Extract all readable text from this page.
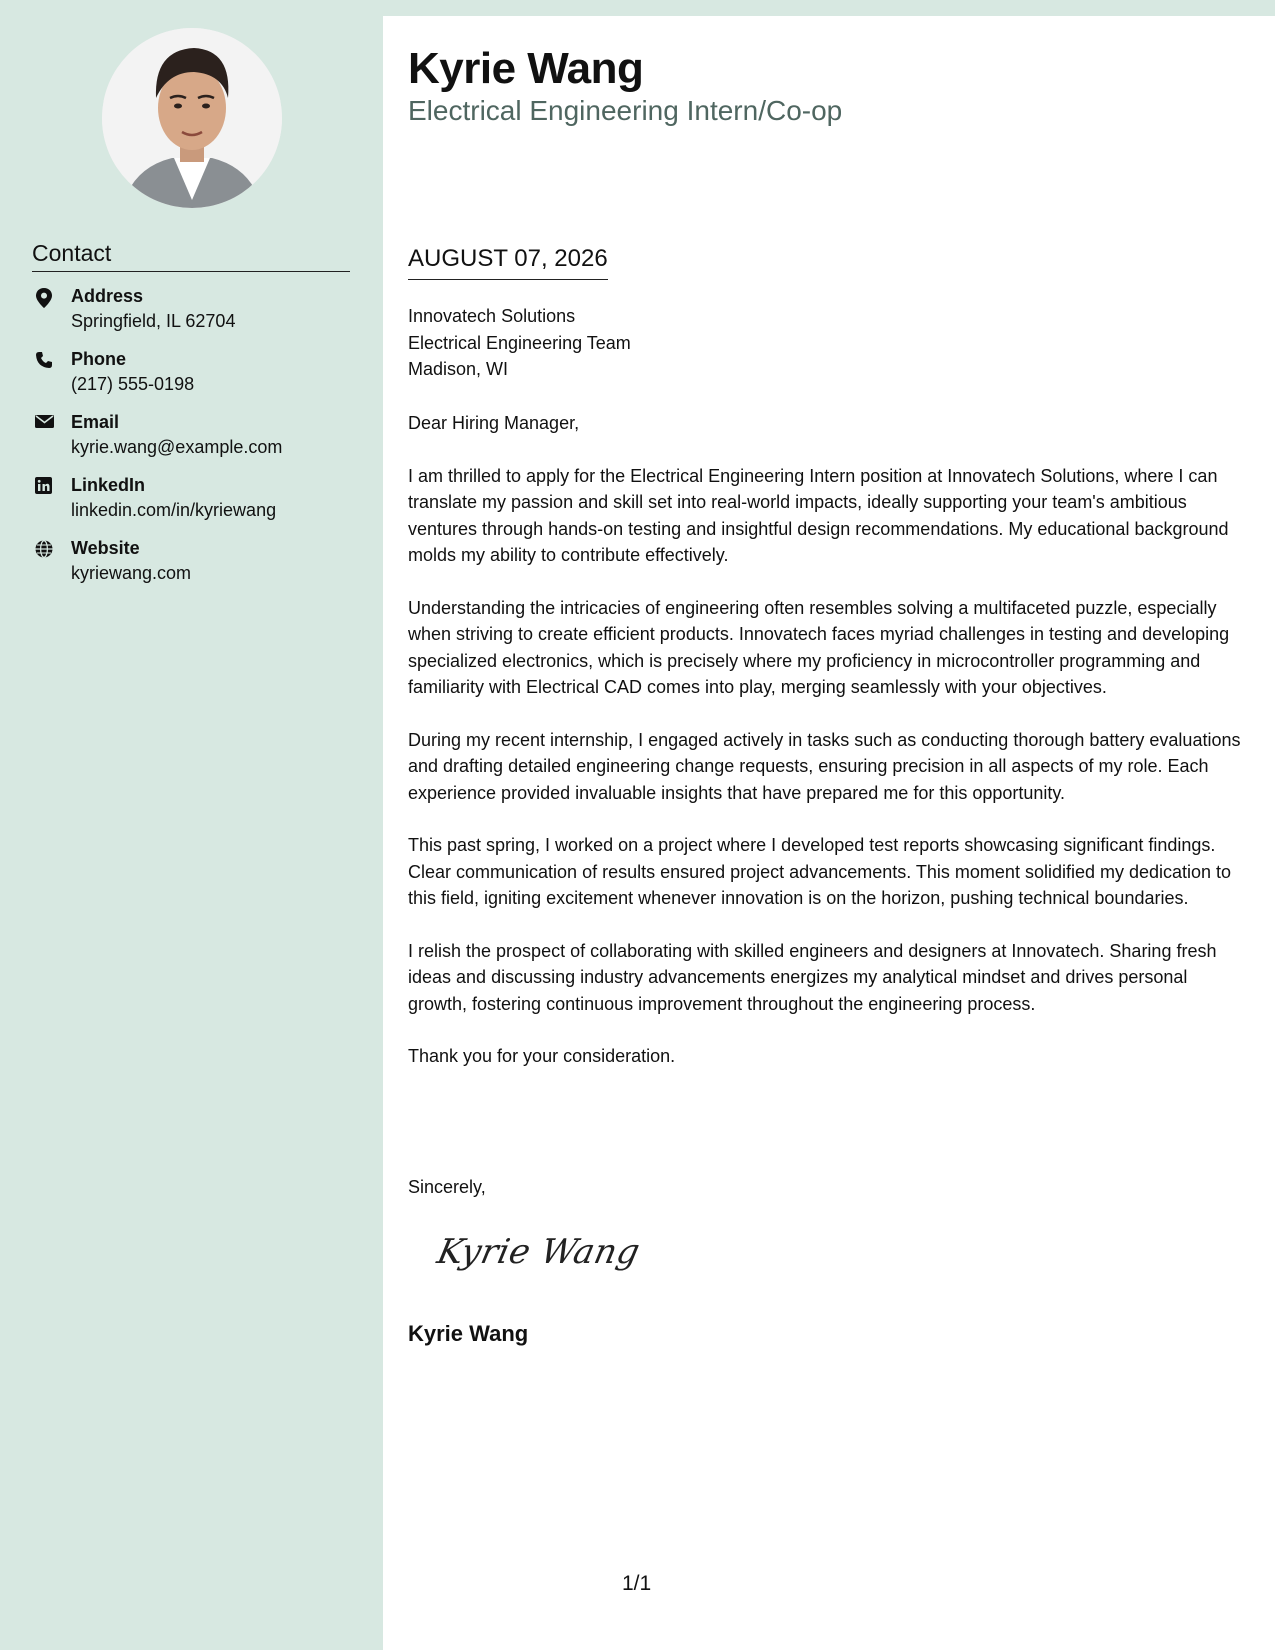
Contact
Address
Springfield, IL 62704
Phone
(217) 555-0198
Email
kyrie.wang@example.com
LinkedIn
linkedin.com/in/kyriewang
Website
kyriewang.com
Kyrie Wang
Electrical Engineering Intern/Co-op
AUGUST 07, 2026
Innovatech Solutions
Electrical Engineering Team
Madison, WI

Dear Hiring Manager,

I am thrilled to apply for the Electrical Engineering Intern position at Innovatech Solutions, where I can translate my passion and skill set into real-world impacts, ideally supporting your team's ambitious ventures through hands-on testing and insightful design recommendations. My educational background molds my ability to contribute effectively.

Understanding the intricacies of engineering often resembles solving a multifaceted puzzle, especially when striving to create efficient products. Innovatech faces myriad challenges in testing and developing specialized electronics, which is precisely where my proficiency in microcontroller programming and familiarity with Electrical CAD comes into play, merging seamlessly with your objectives.

During my recent internship, I engaged actively in tasks such as conducting thorough battery evaluations and drafting detailed engineering change requests, ensuring precision in all aspects of my role. Each experience provided invaluable insights that have prepared me for this opportunity.

This past spring, I worked on a project where I developed test reports showcasing significant findings. Clear communication of results ensured project advancements. This moment solidified my dedication to this field, igniting excitement whenever innovation is on the horizon, pushing technical boundaries.

I relish the prospect of collaborating with skilled engineers and designers at Innovatech. Sharing fresh ideas and discussing industry advancements energizes my analytical mindset and drives personal growth, fostering continuous improvement throughout the engineering process.

Thank you for your consideration.

Sincerely,
Kyrie Wang
Kyrie Wang
1/1
